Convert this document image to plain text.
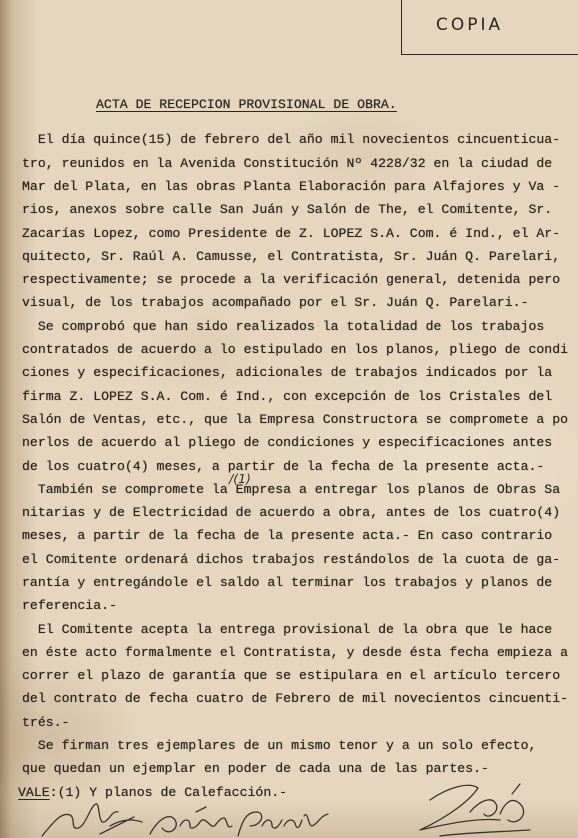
COPIA
ACTA DE RECEPCION PROVISIONAL DE OBRA.
El día quince(15) de febrero del año mil novecientos cincuenticua-
tro, reunidos en la Avenida Constitución Nº 4228/32 en la ciudad de
Mar del Plata, en las obras Planta Elaboración para Alfajores y Va -
rios, anexos sobre calle San Juán y Salón de The, el Comitente, Sr.
Zacarías Lopez, como Presidente de Z. LOPEZ S.A. Com. é Ind., el Ar-
quitecto, Sr. Raúl A. Camusse, el Contratista, Sr. Juán Q. Parelari,
respectivamente; se procede a la verificación general, detenida pero
visual, de los trabajos acompañado por el Sr. Juán Q. Parelari.-
Se comprobó que han sido realizados la totalidad de los trabajos
contratados de acuerdo a lo estipulado en los planos, pliego de condi
ciones y especificaciones, adicionales de trabajos indicados por la
firma Z. LOPEZ S.A. Com. é Ind., con excepción de los Cristales del
Salón de Ventas, etc., que la Empresa Constructora se compromete a po
nerlos de acuerdo al pliego de condiciones y especificaciones antes
de los cuatro(4) meses, a partir de la fecha de la presente acta.-
También se compromete la Empresa a entregar los planos de Obras Sa
nitarias y de Electricidad de acuerdo a obra, antes de los cuatro(4)
meses, a partir de la fecha de la presente acta.- En caso contrario
el Comitente ordenará dichos trabajos restándolos de la cuota de ga-
rantía y entregándole el saldo al terminar los trabajos y planos de
referencia.-
El Comitente acepta la entrega provisional de la obra que le hace
en éste acto formalmente el Contratista, y desde ésta fecha empieza a
correr el plazo de garantía que se estipulara en el artículo tercero
del contrato de fecha cuatro de Febrero de mil novecientos cincuenti-
trés.-
Se firman tres ejemplares de un mismo tenor y a un solo efecto,
que quedan un ejemplar en poder de cada una de las partes.-
VALE:(1) Y planos de Calefacción.-
/(1)
